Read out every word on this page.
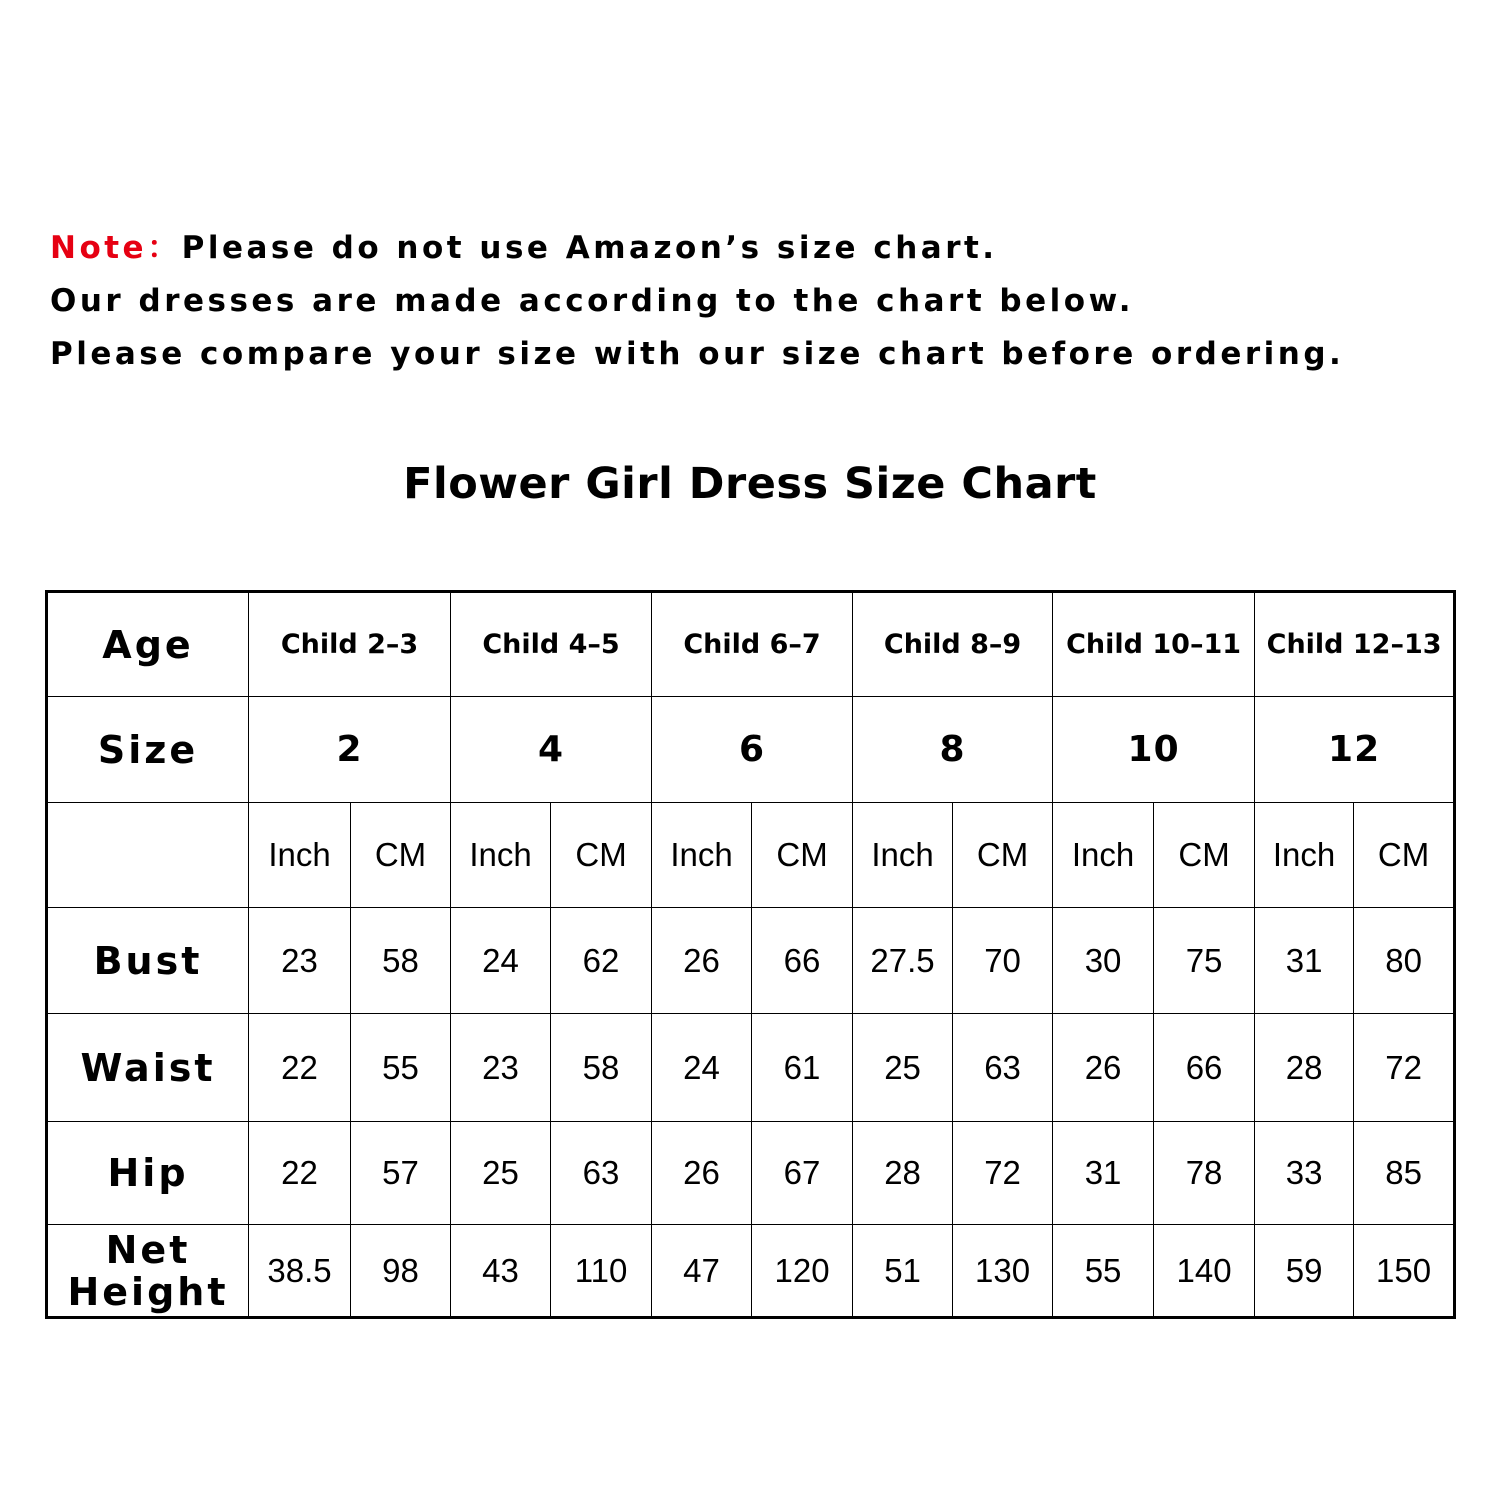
Note：Please do not use Amazon’s size chart.
Our dresses are made according to the chart below.
Please compare your size with our size chart before ordering.
Flower Girl Dress Size Chart
Age	Child 2–3		Child 4–5		Child 6–7		Child 8–9		Child 10–11		Child 12–13	
Size	2		4		6		8		10		12	
	Inch	CM	Inch	CM	Inch	CM	Inch	CM	Inch	CM	Inch	CM
Bust	23	58	24	62	26	66	27.5	70	30	75	31	80
Waist	22	55	23	58	24	61	25	63	26	66	28	72
Hip	22	57	25	63	26	67	28	72	31	78	33	85
Net Height	38.5	98	43	110	47	120	51	130	55	140	59	150
